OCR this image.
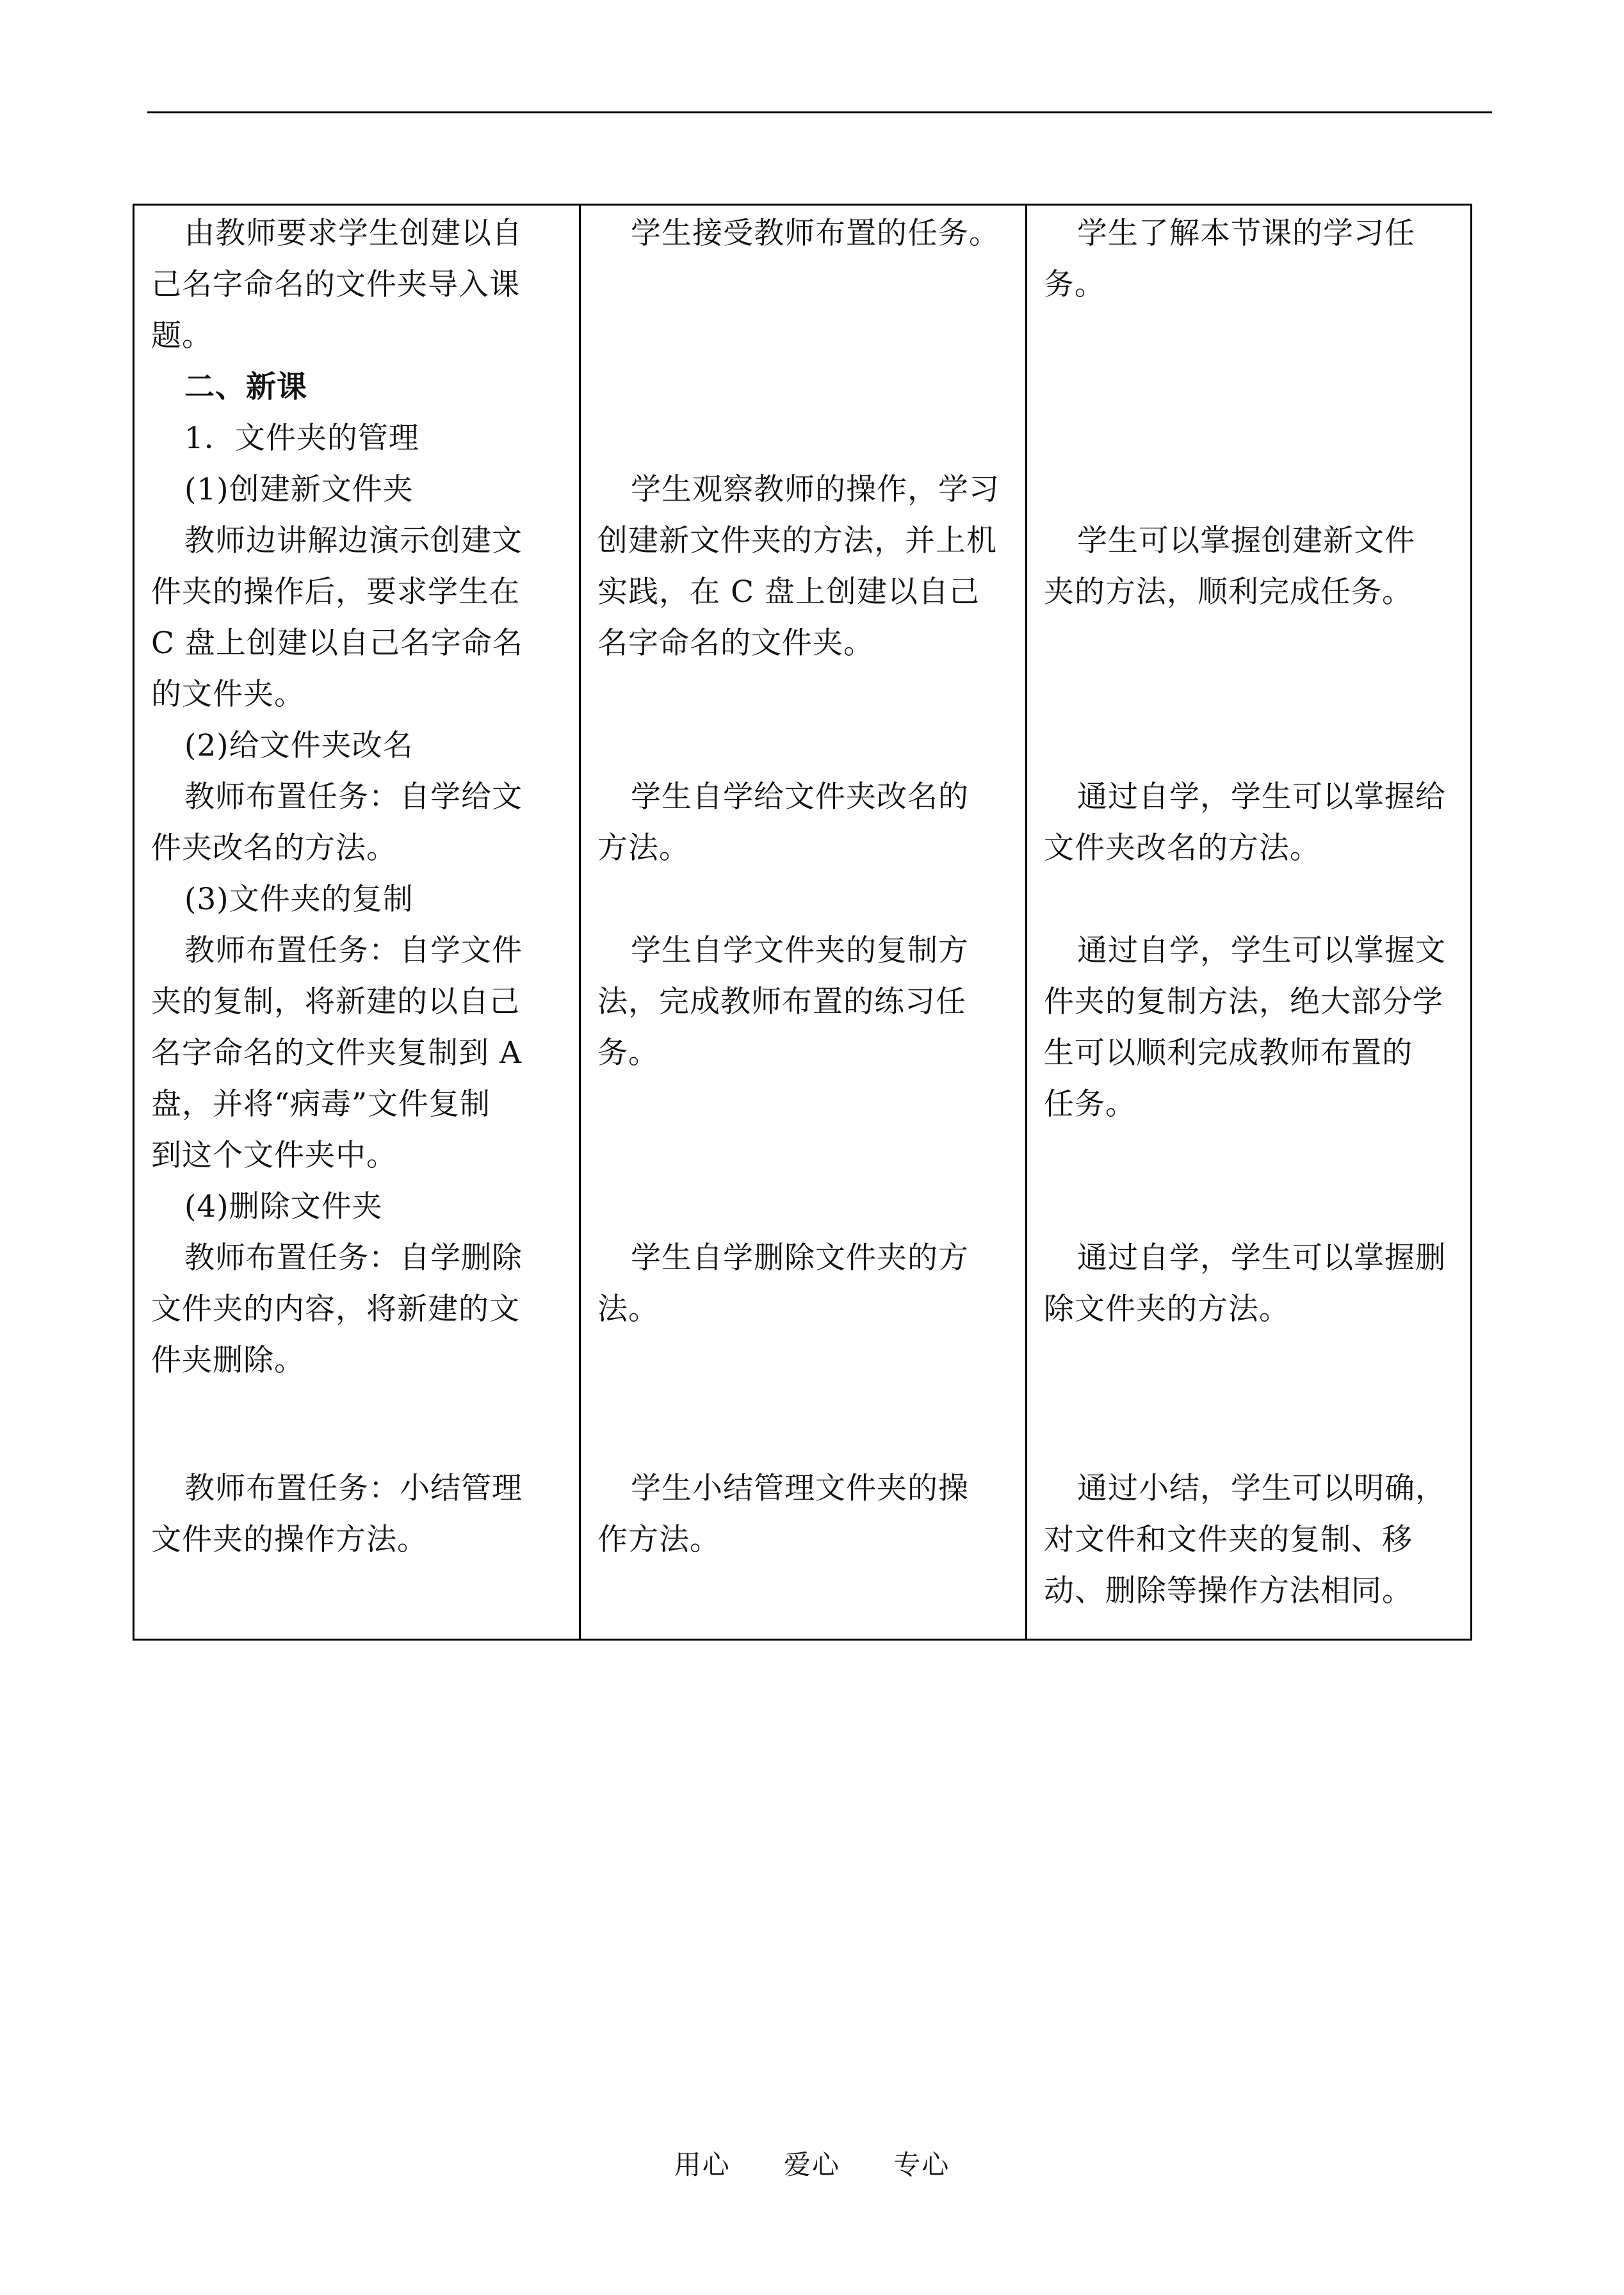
由教师要求学生创建以自
己名字命名的文件夹导入课
题。
二、新课
1．文件夹的管理
(1)创建新文件夹
教师边讲解边演示创建文
件夹的操作后，要求学生在
C 盘上创建以自己名字命名
的文件夹。
(2)给文件夹改名
教师布置任务：自学给文
件夹改名的方法。
(3)文件夹的复制
教师布置任务：自学文件
夹的复制，将新建的以自己
名字命名的文件夹复制到 A
盘，并将“病毒”文件复制
到这个文件夹中。
(4)删除文件夹
教师布置任务：自学删除
文件夹的内容，将新建的文
件夹删除。

教师布置任务：小结管理
文件夹的操作方法。

学生接受教师布置的任务。

学生观察教师的操作，学习
创建新文件夹的方法，并上机
实践，在 C 盘上创建以自己
名字命名的文件夹。

学生自学给文件夹改名的
方法。

学生自学文件夹的复制方
法，完成教师布置的练习任
务。

学生自学删除文件夹的方
法。

学生小结管理文件夹的操
作方法。

学生了解本节课的学习任
务。

学生可以掌握创建新文件
夹的方法，顺利完成任务。

通过自学，学生可以掌握给
文件夹改名的方法。

通过自学，学生可以掌握文
件夹的复制方法，绝大部分学
生可以顺利完成教师布置的
任务。

通过自学，学生可以掌握删
除文件夹的方法。

通过小结，学生可以明确，
对文件和文件夹的复制、移
动、删除等操作方法相同。

用心 爱心 专心
